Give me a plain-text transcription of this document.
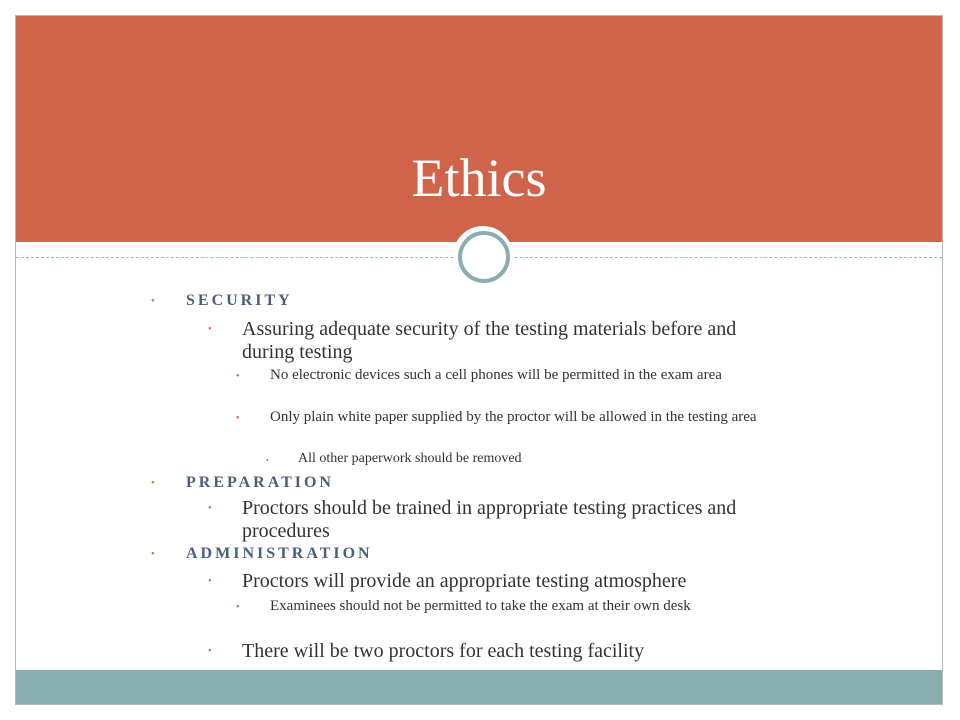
Ethics
• SECURITY
• Assuring adequate security of the testing materials before and during testing
• No electronic devices such a cell phones will be permitted in the exam area
• Only plain white paper supplied by the proctor will be allowed in the testing area
• All other paperwork should be removed
• PREPARATION
• Proctors should be trained in appropriate testing practices and procedures
• ADMINISTRATION
• Proctors will provide an appropriate testing atmosphere
• Examinees should not be permitted to take the exam at their own desk
• There will be two proctors for each testing facility
